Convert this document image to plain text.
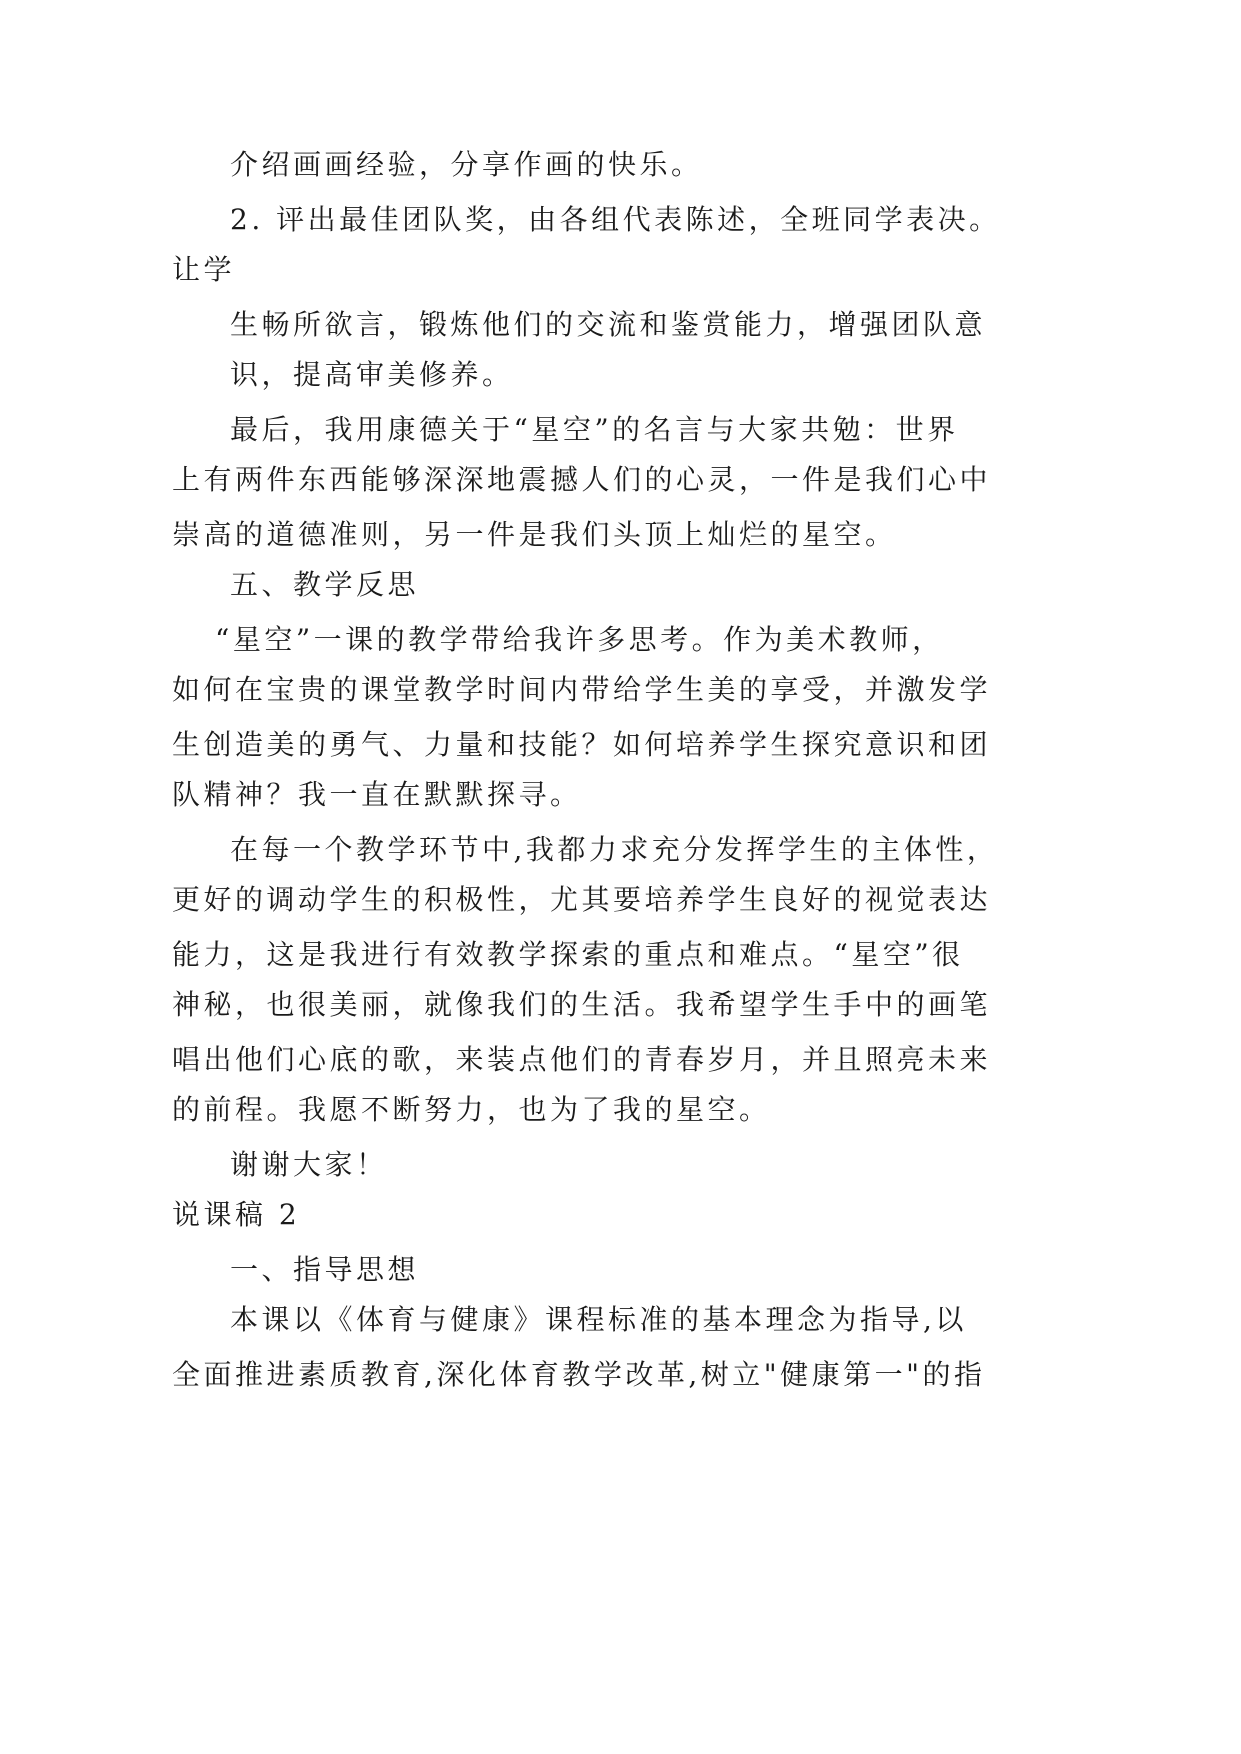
介绍画画经验，分享作画的快乐。
2. 评出最佳团队奖，由各组代表陈述，全班同学表决。
让学
生畅所欲言，锻炼他们的交流和鉴赏能力，增强团队意
识，提高审美修养。
最后，我用康德关于“星空”的名言与大家共勉：世界
上有两件东西能够深深地震撼人们的心灵，一件是我们心中
崇高的道德准则，另一件是我们头顶上灿烂的星空。
五、教学反思
“星空”一课的教学带给我许多思考。作为美术教师，
如何在宝贵的课堂教学时间内带给学生美的享受，并激发学
生创造美的勇气、力量和技能？如何培养学生探究意识和团
队精神？我一直在默默探寻。
在每一个教学环节中,我都力求充分发挥学生的主体性，
更好的调动学生的积极性，尤其要培养学生良好的视觉表达
能力，这是我进行有效教学探索的重点和难点。“星空”很
神秘，也很美丽，就像我们的生活。我希望学生手中的画笔
唱出他们心底的歌，来装点他们的青春岁月，并且照亮未来
的前程。我愿不断努力，也为了我的星空。
谢谢大家！
说课稿 2
一、指导思想
本课以《体育与健康》课程标准的基本理念为指导,以
全面推进素质教育,深化体育教学改革,树立"健康第一"的指
